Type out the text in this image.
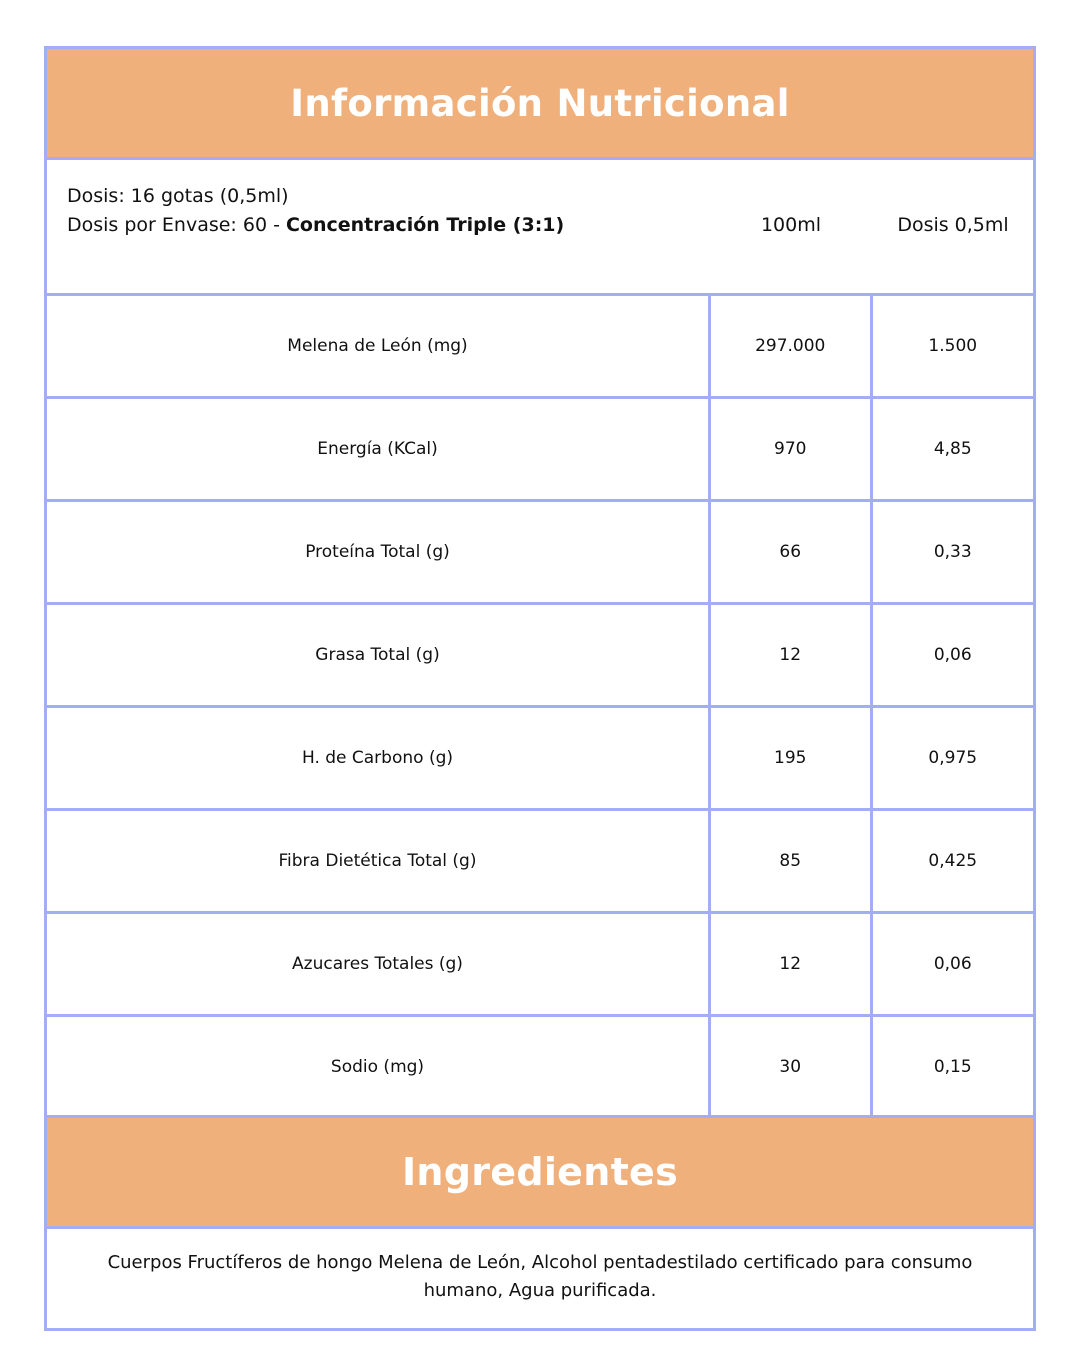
Información Nutricional
Dosis: 16 gotas (0,5ml)
Dosis por Envase: 60 - Concentración Triple (3:1)	100ml	Dosis 0,5ml
Melena de León (mg)	297.000	1.500
Energía (KCal)	970	4,85
Proteína Total (g)	66	0,33
Grasa Total (g)	12	0,06
H. de Carbono (g)	195	0,975
Fibra Dietética Total (g)	85	0,425
Azucares Totales (g)	12	0,06
Sodio (mg)	30	0,15
Ingredientes
Cuerpos Fructíferos de hongo Melena de León, Alcohol pentadestilado certificado para consumo humano, Agua purificada.
